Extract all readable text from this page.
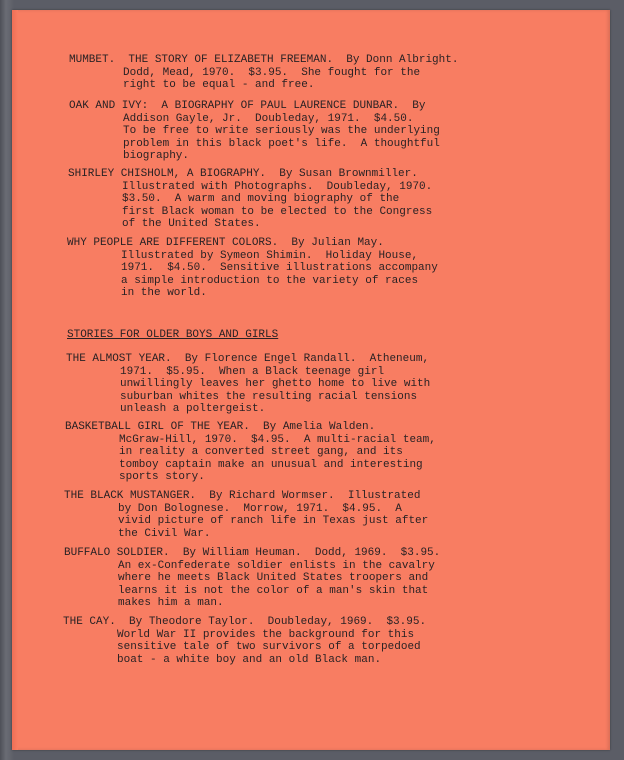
MUMBET.  THE STORY OF ELIZABETH FREEMAN.  By Donn Albright.
Dodd, Mead, 1970.  $3.95.  She fought for the
right to be equal - and free.
OAK AND IVY:  A BIOGRAPHY OF PAUL LAURENCE DUNBAR.  By
Addison Gayle, Jr.  Doubleday, 1971.  $4.50.
To be free to write seriously was the underlying
problem in this black poet's life.  A thoughtful
biography.
SHIRLEY CHISHOLM, A BIOGRAPHY.  By Susan Brownmiller.
Illustrated with Photographs.  Doubleday, 1970.
$3.50.  A warm and moving biography of the
first Black woman to be elected to the Congress
of the United States.
WHY PEOPLE ARE DIFFERENT COLORS.  By Julian May.
Illustrated by Symeon Shimin.  Holiday House,
1971.  $4.50.  Sensitive illustrations accompany
a simple introduction to the variety of races
in the world.
STORIES FOR OLDER BOYS AND GIRLS
THE ALMOST YEAR.  By Florence Engel Randall.  Atheneum,
1971.  $5.95.  When a Black teenage girl
unwillingly leaves her ghetto home to live with
suburban whites the resulting racial tensions
unleash a poltergeist.
BASKETBALL GIRL OF THE YEAR.  By Amelia Walden.
McGraw-Hill, 1970.  $4.95.  A multi-racial team,
in reality a converted street gang, and its
tomboy captain make an unusual and interesting
sports story.
THE BLACK MUSTANGER.  By Richard Wormser.  Illustrated
by Don Bolognese.  Morrow, 1971.  $4.95.  A
vivid picture of ranch life in Texas just after
the Civil War.
BUFFALO SOLDIER.  By William Heuman.  Dodd, 1969.  $3.95.
An ex-Confederate soldier enlists in the cavalry
where he meets Black United States troopers and
learns it is not the color of a man's skin that
makes him a man.
THE CAY.  By Theodore Taylor.  Doubleday, 1969.  $3.95.
World War II provides the background for this
sensitive tale of two survivors of a torpedoed
boat - a white boy and an old Black man.
